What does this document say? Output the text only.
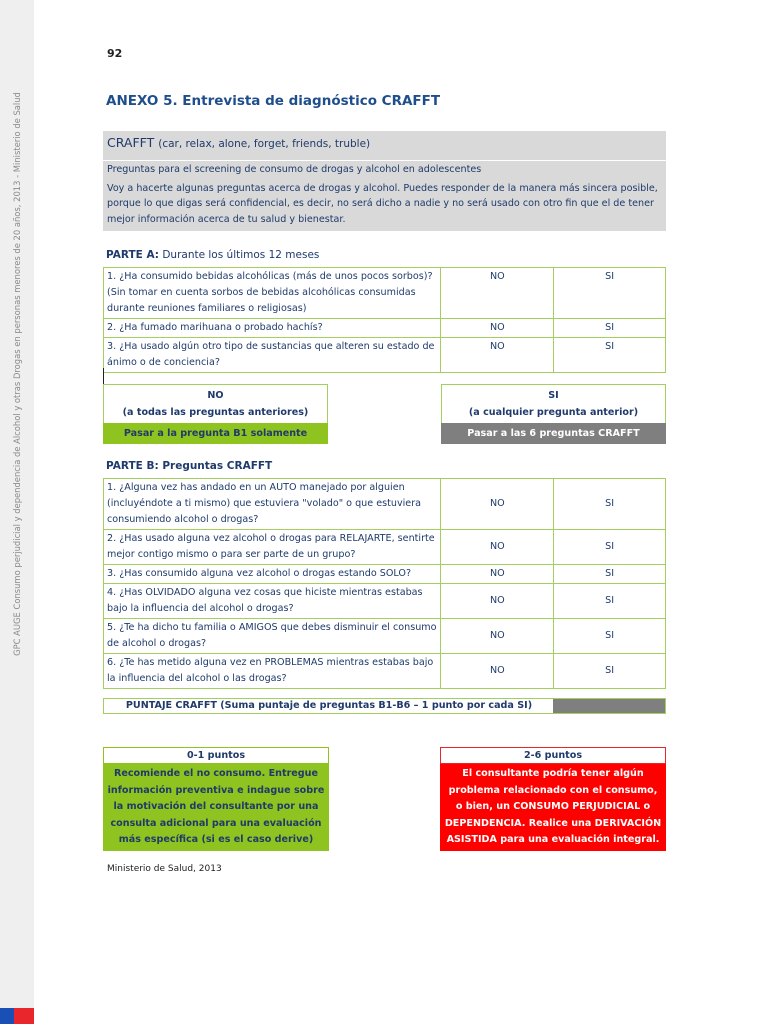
GPC AUGE Consumo perjudicial y dependencia de Alcohol y otras Drogas en personas menores de 20 años, 2013 - Ministerio de Salud
92
ANEXO 5. Entrevista de diagnóstico CRAFFT
CRAFFT (car, relax, alone, forget, friends, truble)

Preguntas para el screening de consumo de drogas y alcohol en adolescentes

Voy a hacerte algunas preguntas acerca de drogas y alcohol. Puedes responder de la manera más sincera posible, porque lo que digas será confidencial, es decir, no será dicho a nadie y no será usado con otro fin que el de tener mejor información acerca de tu salud y bienestar.

PARTE A: Durante los últimos 12 meses
1. ¿Ha consumido bebidas alcohólicas (más de unos pocos sorbos)? (Sin tomar en cuenta sorbos de bebidas alcohólicas consumidas durante reuniones familiares o religiosas)	NO	SI
2. ¿Ha fumado marihuana o probado hachís?	NO	SI
3. ¿Ha usado algún otro tipo de sustancias que alteren su estado de ánimo o de conciencia?	NO	SI
NO
(a todas las preguntas anteriores)
Pasar a la pregunta B1 solamente
SI
(a cualquier pregunta anterior)
Pasar a las 6 preguntas CRAFFT
PARTE B: Preguntas CRAFFT
1. ¿Alguna vez has andado en un AUTO manejado por alguien (incluyéndote a ti mismo) que estuviera "volado" o que estuviera consumiendo alcohol o drogas?	NO	SI
2. ¿Has usado alguna vez alcohol o drogas para RELAJARTE, sentirte mejor contigo mismo o para ser parte de un grupo?	NO	SI
3. ¿Has consumido alguna vez alcohol o drogas estando SOLO?	NO	SI
4. ¿Has OLVIDADO alguna vez cosas que hiciste mientras estabas bajo la influencia del alcohol o drogas?	NO	SI
5. ¿Te ha dicho tu familia o AMIGOS que debes disminuir el consumo de alcohol o drogas?	NO	SI
6. ¿Te has metido alguna vez en PROBLEMAS mientras estabas bajo la influencia del alcohol o las drogas?	NO	SI
PUNTAJE CRAFFT (Suma puntaje de preguntas B1-B6 – 1 punto por cada SI)
0-1 puntos
Recomiende el no consumo. Entregue información preventiva e indague sobre la motivación del consultante por una consulta adicional para una evaluación más específica (si es el caso derive)
2-6 puntos
El consultante podría tener algún problema relacionado con el consumo, o bien, un CONSUMO PERJUDICIAL o DEPENDENCIA. Realice una DERIVACIÓN ASISTIDA para una evaluación integral.
Ministerio de Salud, 2013
